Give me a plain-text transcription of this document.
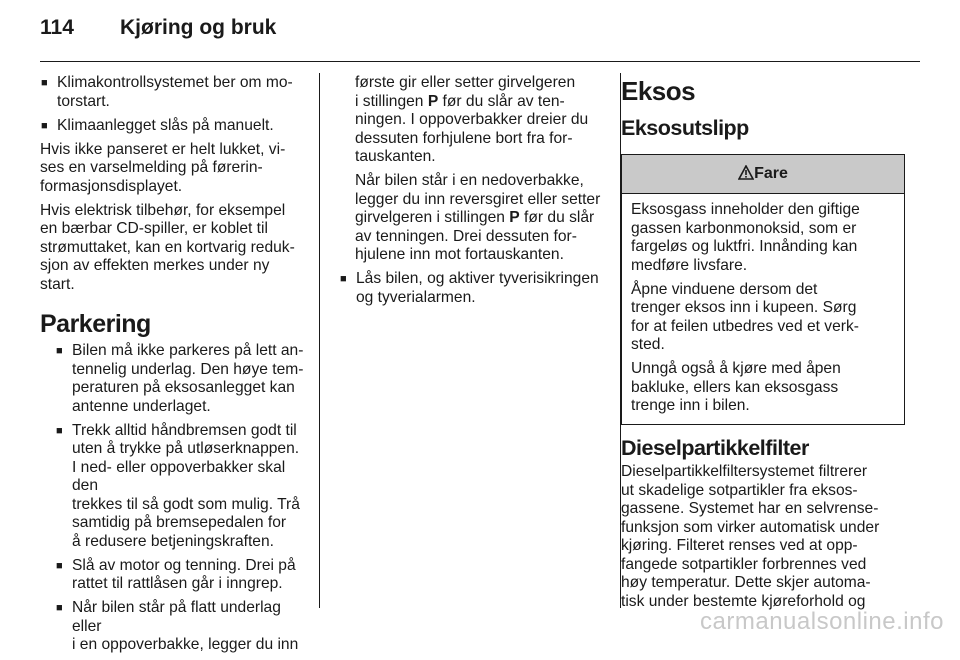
114 Kjøring og bruk
■ Klimakontrollsystemet ber om mo-
torstart.
■ Klimaanlegget slås på manuelt.

Hvis ikke panseret er helt lukket, vi-
ses en varselmelding på førerin-
formasjonsdisplayet.

Hvis elektrisk tilbehør, for eksempel
en bærbar CD-spiller, er koblet til
strømuttaket, kan en kortvarig reduk-
sjon av effekten merkes under ny
start.

Parkering
■ Bilen må ikke parkeres på lett an-
tennelig underlag. Den høye tem-
peraturen på eksosanlegget kan
antenne underlaget.
■ Trekk alltid håndbremsen godt til
uten å trykke på utløserknappen.
I ned- eller oppoverbakker skal den
trekkes til så godt som mulig. Trå
samtidig på bremsepedalen for
å redusere betjeningskraften.
■ Slå av motor og tenning. Drei på
rattet til rattlåsen går i inngrep.
■ Når bilen står på flatt underlag eller
i en oppoverbakke, legger du inn

første gir eller setter girvelgeren
i stillingen P før du slår av ten-
ningen. I oppoverbakker dreier du
dessuten forhjulene bort fra for-
tauskanten.

Når bilen står i en nedoverbakke,
legger du inn reversgiret eller setter
girvelgeren i stillingen P før du slår
av tenningen. Drei dessuten for-
hjulene inn mot fortauskanten.

■ Lås bilen, og aktiver tyverisikringen
og tyverialarmen.
Eksos
Eksosutslipp
Fare

Eksosgass inneholder den giftige
gassen karbonmonoksid, som er
fargeløs og luktfri. Innånding kan
medføre livsfare.

Åpne vinduene dersom det
trenger eksos inn i kupeen. Sørg
for at feilen utbedres ved et verk-
sted.

Unngå også å kjøre med åpen
bakluke, ellers kan eksosgass
trenge inn i bilen.

Dieselpartikkelfilter

Dieselpartikkelfiltersystemet filtrerer
ut skadelige sotpartikler fra eksos-
gassene. Systemet har en selvrense-
funksjon som virker automatisk under
kjøring. Filteret renses ved at opp-
fangede sotpartikler forbrennes ved
høy temperatur. Dette skjer automa-
tisk under bestemte kjøreforhold og

carmanualsonline.info
